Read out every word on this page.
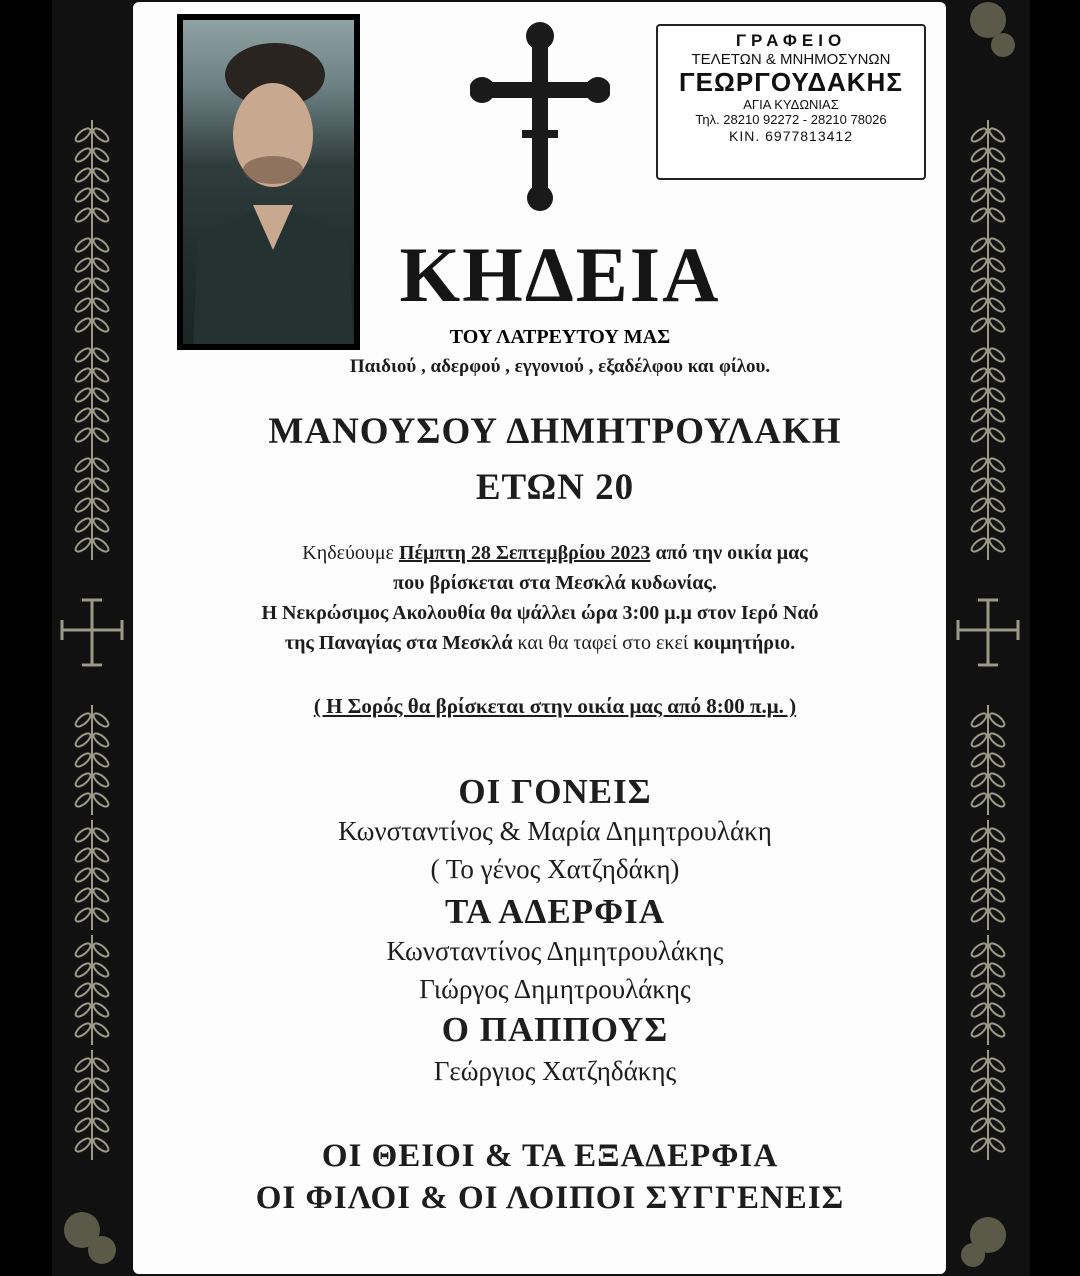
ΓΡΑΦΕΙΟ
ΤΕΛΕΤΩΝ & ΜΝΗΜΟΣΥΝΩΝ
ΓΕΩΡΓΟΥΔΑΚΗΣ
ΑΓΙΑ ΚΥΔΩΝΙΑΣ
Τηλ. 28210 92272 - 28210 78026
ΚΙΝ. 6977813412
ΚΗΔΕΙΑ
ΤΟΥ ΛΑΤΡΕΥΤΟΥ ΜΑΣ
Παιδιού , αδερφού , εγγονιού , εξαδέλφου και φίλου.
ΜΑΝΟΥΣΟΥ ΔΗΜΗΤΡΟΥΛΑΚΗ
ΕΤΩΝ 20
Κηδεύουμε Πέμπτη 28 Σεπτεμβρίου 2023 από την οικία μας
που βρίσκεται στα Μεσκλά κυδωνίας.
Η Νεκρώσιμος Ακολουθία θα ψάλλει ώρα 3:00 μ.μ στον Ιερό Ναό
της Παναγίας στα Μεσκλά και θα ταφεί στο εκεί κοιμητήριο.
( Η Σορός θα βρίσκεται στην οικία μας από 8:00 π.μ. )
ΟΙ ΓΟΝΕΙΣ
Κωνσταντίνος & Μαρία Δημητρουλάκη
( Το γένος Χατζηδάκη)
ΤΑ ΑΔΕΡΦΙΑ
Κωνσταντίνος Δημητρουλάκης
Γιώργος Δημητρουλάκης
Ο ΠΑΠΠΟΥΣ
Γεώργιος Χατζηδάκης
ΟΙ ΘΕΙΟΙ & ΤΑ ΕΞΑΔΕΡΦΙΑ
ΟΙ ΦΙΛΟΙ & ΟΙ ΛΟΙΠΟΙ ΣΥΓΓΕΝΕΙΣ
